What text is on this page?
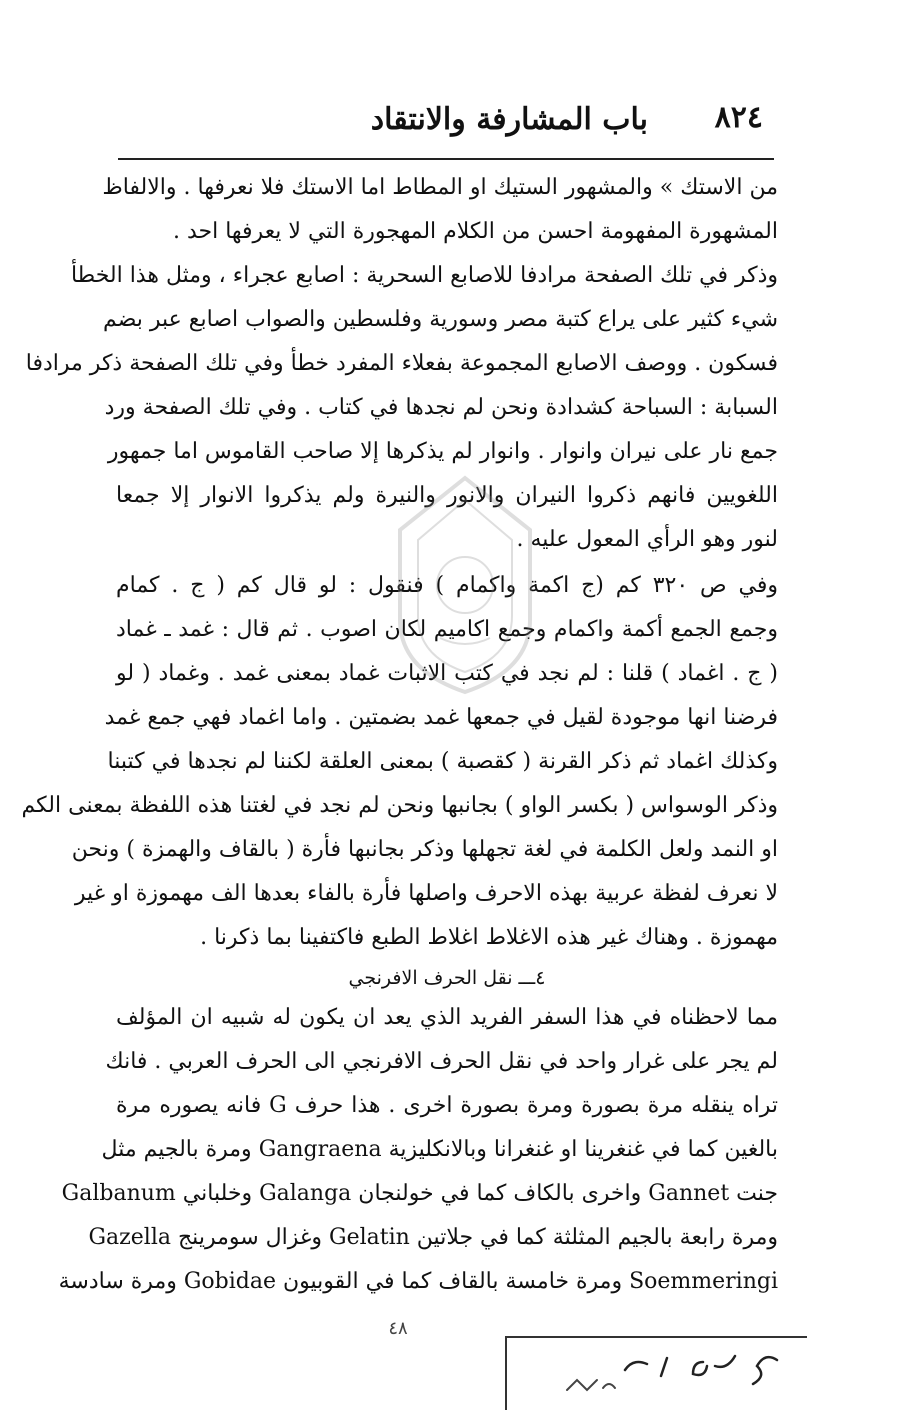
٨٢٤
باب المشارفة والانتقاد
من الاستك » والمشهور الستيك او المطاط اما الاستك فلا نعرفها . والالفاظ
المشهورة المفهومة احسن من الكلام المهجورة التي لا يعرفها احد .
وذكر في تلك الصفحة مرادفا للاصابع السحرية : اصابع عجراء ، ومثل هذا الخطأ
شيء كثير على يراع كتبة مصر وسورية وفلسطين والصواب اصابع عبر بضم
فسكون . ووصف الاصابع المجموعة بفعلاء المفرد خطأ وفي تلك الصفحة ذكر مرادفا
السبابة : السباحة كشدادة ونحن لم نجدها في كتاب . وفي تلك الصفحة ورد
جمع نار على نيران وانوار . وانوار لم يذكرها إلا صاحب القاموس اما جمهور
اللغويين فانهم ذكروا النيران والانور والنيرة ولم يذكروا الانوار إلا جمعا
لنور وهو الرأي المعول عليه .
وفي ص ٣٢٠ كم (ج اكمة واكمام ) فنقول : لو قال كم ( ج . كمام
وجمع الجمع أكمة واكمام وجمع اكاميم لكان اصوب . ثم قال : غمد ـ غماد
( ج . اغماد ) قلنا : لم نجد في كتب الاثبات غماد بمعنى غمد . وغماد ( لو
فرضنا انها موجودة لقيل في جمعها غمد بضمتين . واما اغماد فهي جمع غمد
وكذلك اغماد ثم ذكر القرنة ( كقصبة ) بمعنى العلقة لكننا لم نجدها في كتبنا
وذكر الوسواس ( بكسر الواو ) بجانبها ونحن لم نجد في لغتنا هذه اللفظة بمعنى الكم
او النمد ولعل الكلمة في لغة تجهلها وذكر بجانبها فأرة ( بالقاف والهمزة ) ونحن
لا نعرف لفظة عربية بهذه الاحرف واصلها فأرة بالفاء بعدها الف مهموزة او غير
مهموزة . وهناك غير هذه الاغلاط اغلاط الطبع فاكتفينا بما ذكرنا .
٤ـــ نقل الحرف الافرنجي
مما لاحظناه في هذا السفر الفريد الذي يعد ان يكون له شبيه ان المؤلف
لم يجر على غرار واحد في نقل الحرف الافرنجي الى الحرف العربي . فانك
تراه ينقله مرة بصورة ومرة بصورة اخرى . هذا حرف G فانه يصوره مرة
بالغين كما في غنغرينا او غنغرانا وبالانكليزية Gangraena ومرة بالجيم مثل
جنت Gannet واخرى بالكاف كما في خولنجان Galanga وخلباني Galbanum
ومرة رابعة بالجيم المثلثة كما في جلاتين Gelatin وغزال سومرينج Gazella
Soemmeringi ومرة خامسة بالقاف كما في القوبيون Gobidae ومرة سادسة
٤٨
